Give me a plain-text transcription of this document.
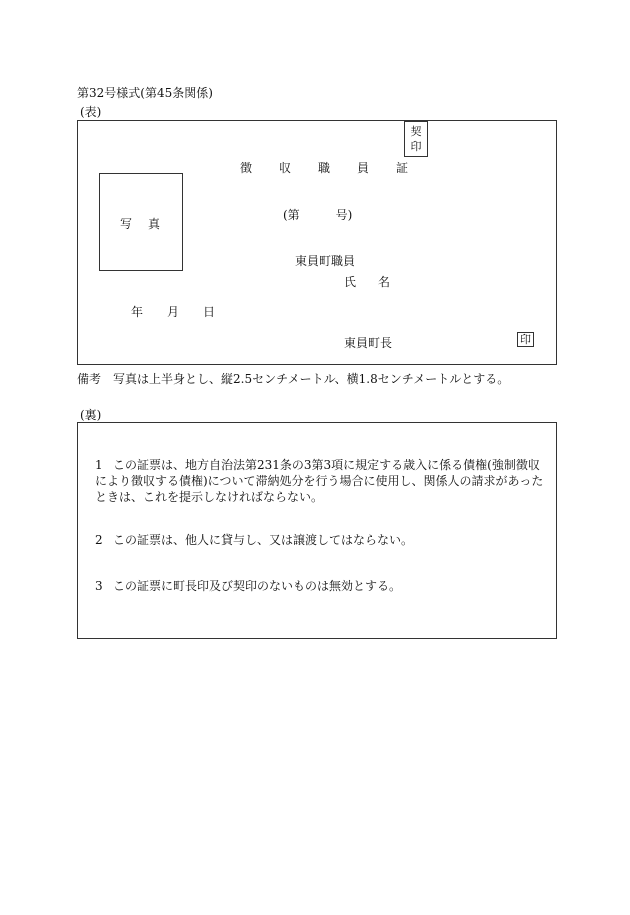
第32号様式(第45条関係)
(表)
契
印
徴収職員証
(第　　　号)
写真
東員町職員
氏名
年　　月　　日
東員町長	印
備考　写真は上半身とし、縦2.5センチメートル、横1.8センチメートルとする。
(裏)
1 この証票は、地方自治法第231条の3第3項に規定する歳入に係る債権(強制徴収により徴収する債権)について滞納処分を行う場合に使用し、関係人の請求があったときは、これを提示しなければならない。
2 この証票は、他人に貸与し、又は譲渡してはならない。
3 この証票に町長印及び契印のないものは無効とする。
